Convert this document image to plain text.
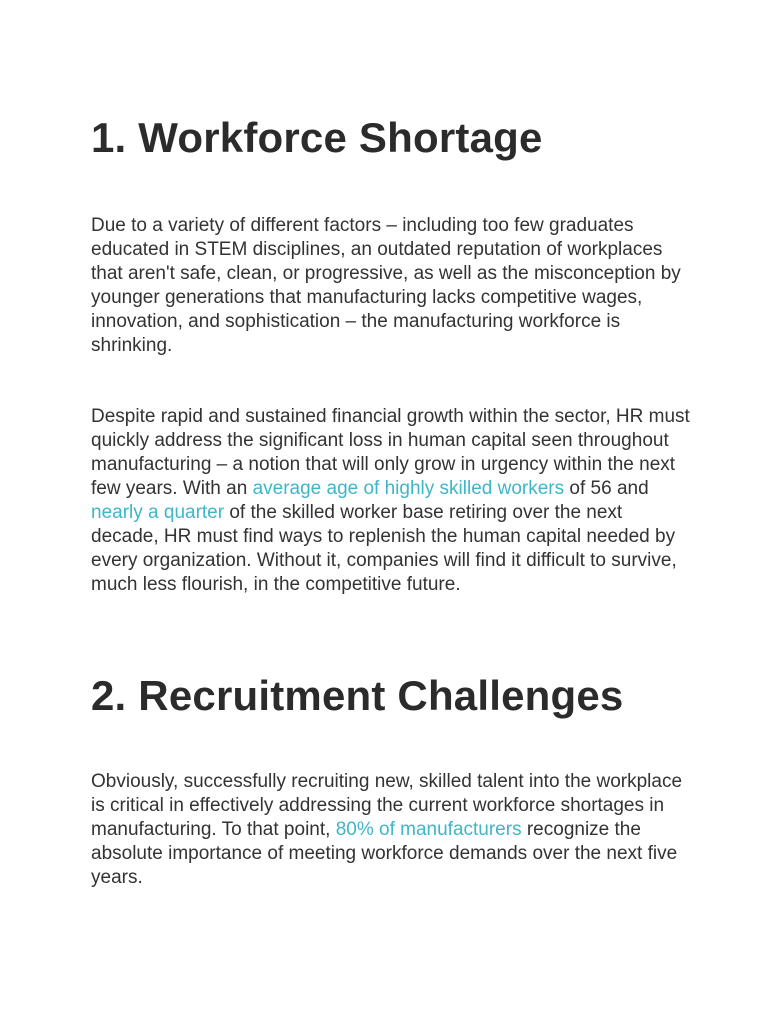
1. Workforce Shortage

Due to a variety of different factors – including too few graduates educated in STEM disciplines, an outdated reputation of workplaces that aren't safe, clean, or progressive, as well as the misconception by younger generations that manufacturing lacks competitive wages, innovation, and sophistication – the manufacturing workforce is shrinking.

Despite rapid and sustained financial growth within the sector, HR must quickly address the significant loss in human capital seen throughout manufacturing – a notion that will only grow in urgency within the next few years. With an average age of highly skilled workers of 56 and nearly a quarter of the skilled worker base retiring over the next decade, HR must find ways to replenish the human capital needed by every organization. Without it, companies will find it difficult to survive, much less flourish, in the competitive future.

2. Recruitment Challenges

Obviously, successfully recruiting new, skilled talent into the workplace is critical in effectively addressing the current workforce shortages in manufacturing. To that point, 80% of manufacturers recognize the absolute importance of meeting workforce demands over the next five years.
